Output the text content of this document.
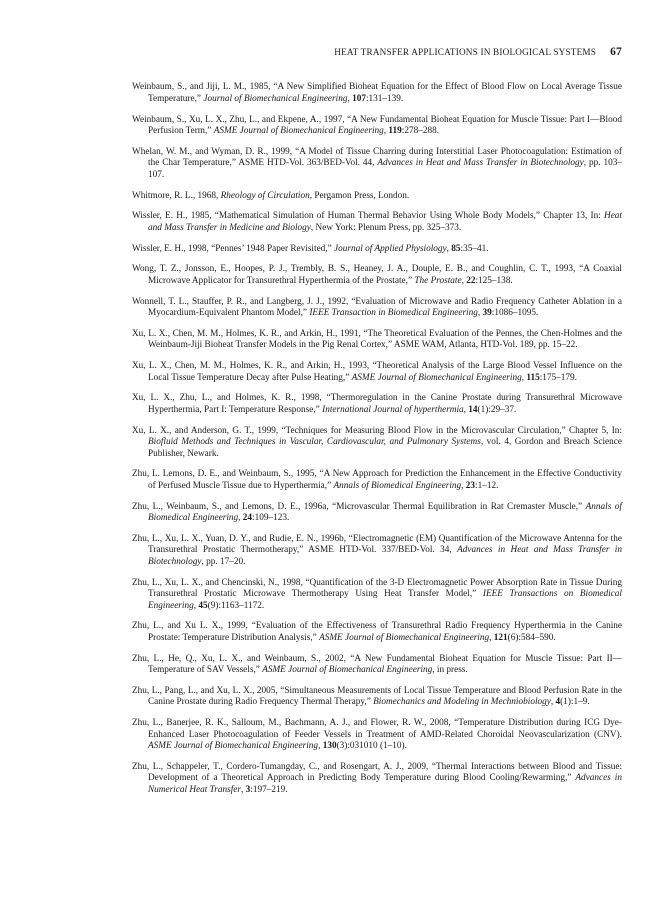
HEAT TRANSFER APPLICATIONS IN BIOLOGICAL SYSTEMS 67

Weinbaum, S., and Jiji, L. M., 1985, “A New Simplified Bioheat Equation for the Effect of Blood Flow on Local Average Tissue Temperature,” Journal of Biomechanical Engineering, 107:131–139.

Weinbaum, S., Xu, L. X., Zhu, L., and Ekpene, A., 1997, “A New Fundamental Bioheat Equation for Muscle Tissue: Part I—Blood Perfusion Term,” ASME Journal of Biomechanical Engineering, 119:278–288.

Whelan, W. M., and Wyman, D. R., 1999, “A Model of Tissue Charring during Interstitial Laser Photocoagulation: Estimation of the Char Temperature,” ASME HTD-Vol. 363/BED-Vol. 44, Advances in Heat and Mass Transfer in Biotechnology, pp. 103–107.

Whitmore, R. L., 1968, Rheology of Circulation, Pergamon Press, London.

Wissler, E. H., 1985, “Mathematical Simulation of Human Thermal Behavior Using Whole Body Models,” Chapter 13, In: Heat and Mass Transfer in Medicine and Biology, New York: Plenum Press, pp. 325–373.

Wissler, E. H., 1998, “Pennes’ 1948 Paper Revisited,” Journal of Applied Physiology, 85:35–41.

Wong, T. Z., Jonsson, E., Hoopes, P. J., Trembly, B. S., Heaney, J. A., Douple, E. B., and Coughlin, C. T., 1993, “A Coaxial Microwave Applicator for Transurethral Hyperthermia of the Prostate,” The Prostate, 22:125–138.

Wonnell, T. L., Stauffer, P. R., and Langberg, J. J., 1992, “Evaluation of Microwave and Radio Frequency Catheter Ablation in a Myocardium-Equivalent Phantom Model,” IEEE Transaction in Biomedical Engineering, 39:1086–1095.

Xu, L. X., Chen, M. M., Holmes, K. R., and Arkin, H., 1991, “The Theoretical Evaluation of the Pennes, the Chen-Holmes and the Weinbaum-Jiji Bioheat Transfer Models in the Pig Renal Cortex,” ASME WAM, Atlanta, HTD-Vol. 189, pp. 15–22.

Xu, L. X., Chen, M. M., Holmes, K. R., and Arkin, H., 1993, “Theoretical Analysis of the Large Blood Vessel Influence on the Local Tissue Temperature Decay after Pulse Heating,” ASME Journal of Biomechanical Engineering, 115:175–179.

Xu, L. X., Zhu, L., and Holmes, K. R., 1998, “Thermoregulation in the Canine Prostate during Transurethral Microwave Hyperthermia, Part I: Temperature Response,” International Journal of hyperthermia, 14(1):29–37.

Xu, L. X., and Anderson, G. T., 1999, “Techniques for Measuring Blood Flow in the Microvascular Circulation,” Chapter 5, In: Biofluid Methods and Techniques in Vascular, Cardiovascular, and Pulmonary Systems, vol. 4, Gordon and Breach Science Publisher, Newark.

Zhu, L. Lemons, D. E., and Weinbaum, S., 1995, “A New Approach for Prediction the Enhancement in the Effective Conductivity of Perfused Muscle Tissue due to Hyperthermia,” Annals of Biomedical Engineering, 23:1–12.

Zhu, L., Weinbaum, S., and Lemons, D. E., 1996a, “Microvascular Thermal Equilibration in Rat Cremaster Muscle,” Annals of Biomedical Engineering, 24:109–123.

Zhu, L., Xu, L. X., Yuan, D. Y., and Rudie, E. N., 1996b, “Electromagnetic (EM) Quantification of the Microwave Antenna for the Transurethral Prostatic Thermotherapy,” ASME HTD-Vol. 337/BED-Vol. 34, Advances in Heat and Mass Transfer in Biotechnology, pp. 17–20.

Zhu, L., Xu, L. X., and Chencinski, N., 1998, “Quantification of the 3-D Electromagnetic Power Absorption Rate in Tissue During Transurethral Prostatic Microwave Thermotherapy Using Heat Transfer Model,” IEEE Transactions on Biomedical Engineering, 45(9):1163–1172.

Zhu, L., and Xu L. X., 1999, “Evaluation of the Effectiveness of Transurethral Radio Frequency Hyperthermia in the Canine Prostate: Temperature Distribution Analysis,” ASME Journal of Biomechanical Engineering, 121(6):584–590.

Zhu, L., He, Q., Xu, L. X., and Weinbaum, S., 2002, “A New Fundamental Bioheat Equation for Muscle Tissue: Part II—Temperature of SAV Vessels,” ASME Journal of Biomechanical Engineering, in press.

Zhu, L., Pang, L., and Xu, L. X., 2005, “Simultaneous Measurements of Local Tissue Temperature and Blood Perfusion Rate in the Canine Prostate during Radio Frequency Thermal Therapy,” Biomechanics and Modeling in Mechniobiology, 4(1):1–9.

Zhu, L., Banerjee, R. K., Salloum, M., Bachmann, A. J., and Flower, R. W., 2008, “Temperature Distribution during ICG Dye-Enhanced Laser Photocoagulation of Feeder Vessels in Treatment of AMD-Related Choroidal Neovascularization (CNV). ASME Journal of Biomechanical Engineering, 130(3):031010 (1–10).

Zhu, L., Schappeler, T., Cordero-Tumangday, C., and Rosengart, A. J., 2009, “Thermal Interactions between Blood and Tissue: Development of a Theoretical Approach in Predicting Body Temperature during Blood Cooling/Rewarming,” Advances in Numerical Heat Transfer, 3:197–219.
